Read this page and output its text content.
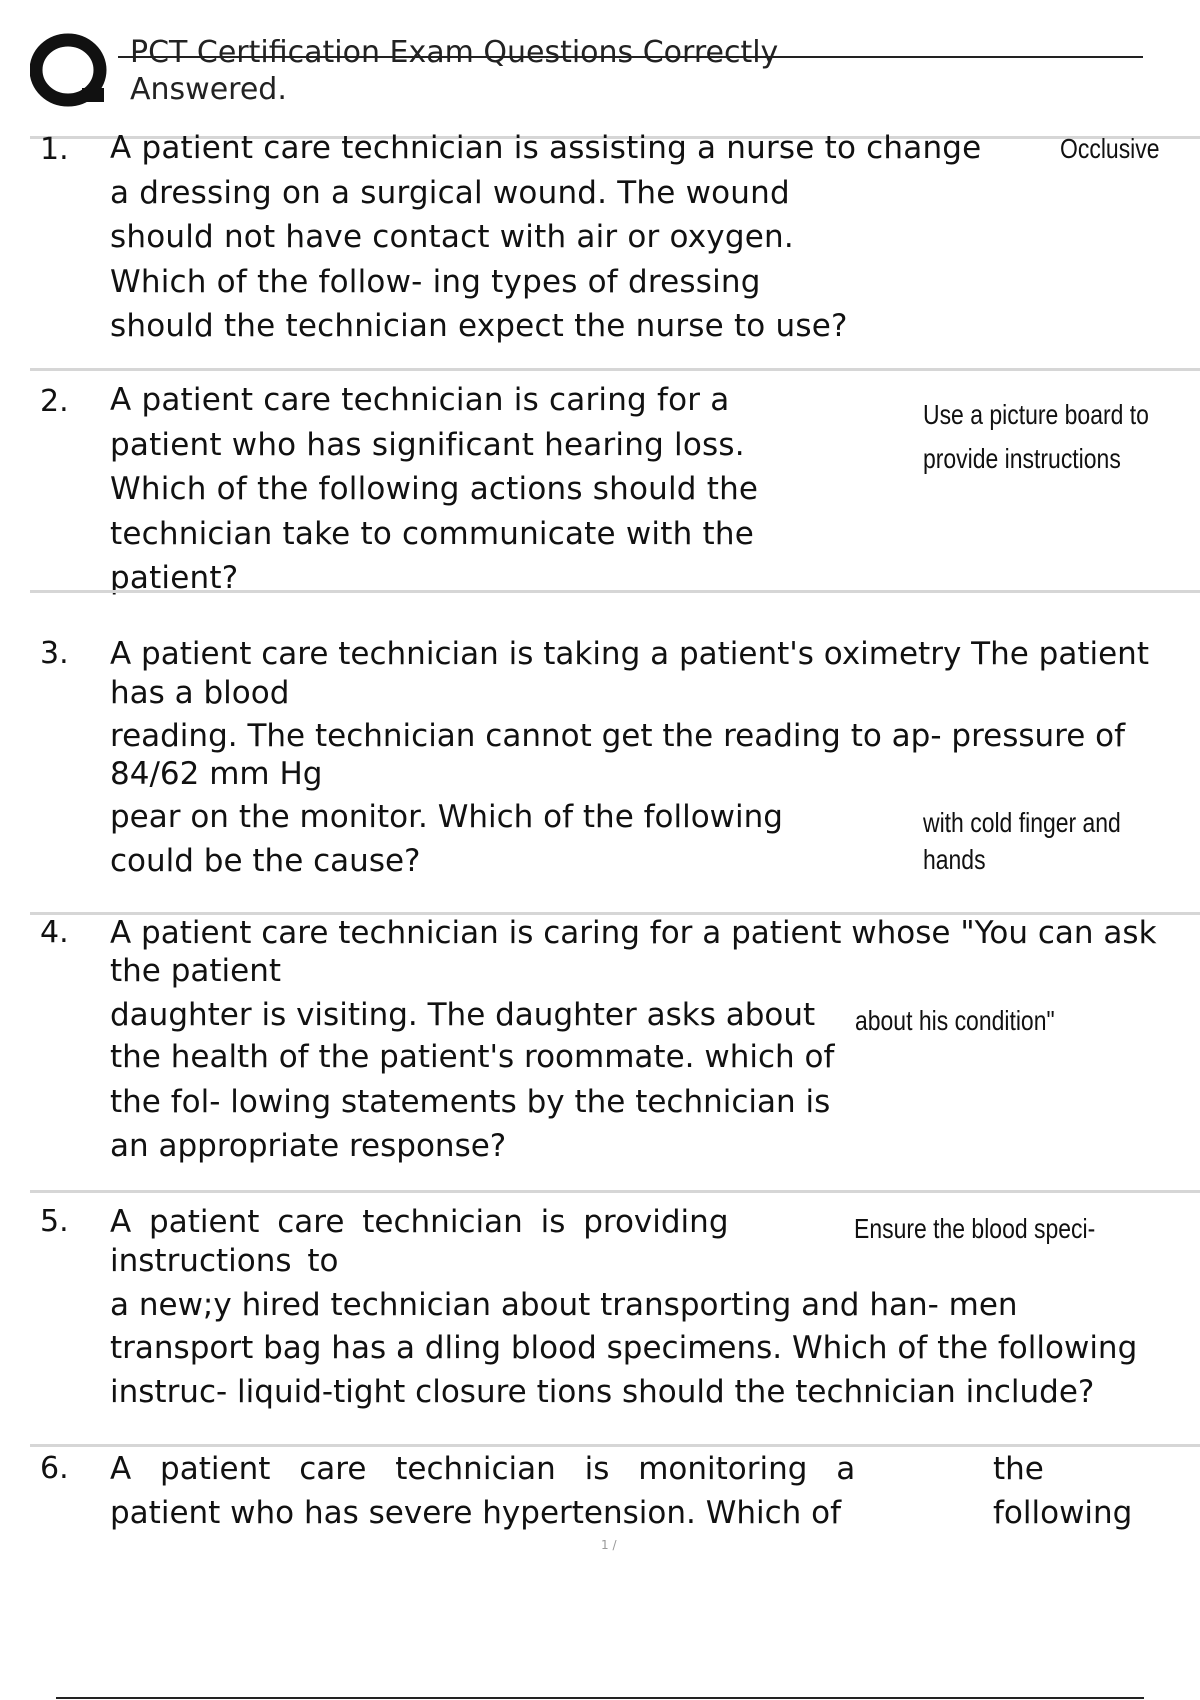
PCT Certification Exam Questions Correctly
Answered.
1. A patient care technician is assisting a nurse to change
a dressing on a surgical wound. The wound
should not have contact with air or oxygen.
Which of the follow- ing types of dressing
should the technician expect the nurse to use?
Occlusive
2. A patient care technician is caring for a
patient who has significant hearing loss.
Which of the following actions should the
technician take to communicate with the
patient?
Use a picture board to
provide instructions
3. A patient care technician is taking a patient's oximetry The patient
has a blood
reading. The technician cannot get the reading to ap- pressure of
84/62 mm Hg
pear on the monitor. Which of the following
could be the cause?
with cold finger and
hands
4. A patient care technician is caring for a patient whose "You can ask
the patient
daughter is visiting. The daughter asks about about his condition"
the health of the patient's roommate. which of
the fol- lowing statements by the technician is
an appropriate response?
5. A patient care technician is providing	Ensure the blood speci-
instructions to
a new;y hired technician about transporting and han- men
transport bag has a dling blood specimens. Which of the following
instruc- liquid-tight closure tions should the technician include?
6. A patient care technician is monitoring a	the
patient who has severe hypertension. Which of	following
1 /
